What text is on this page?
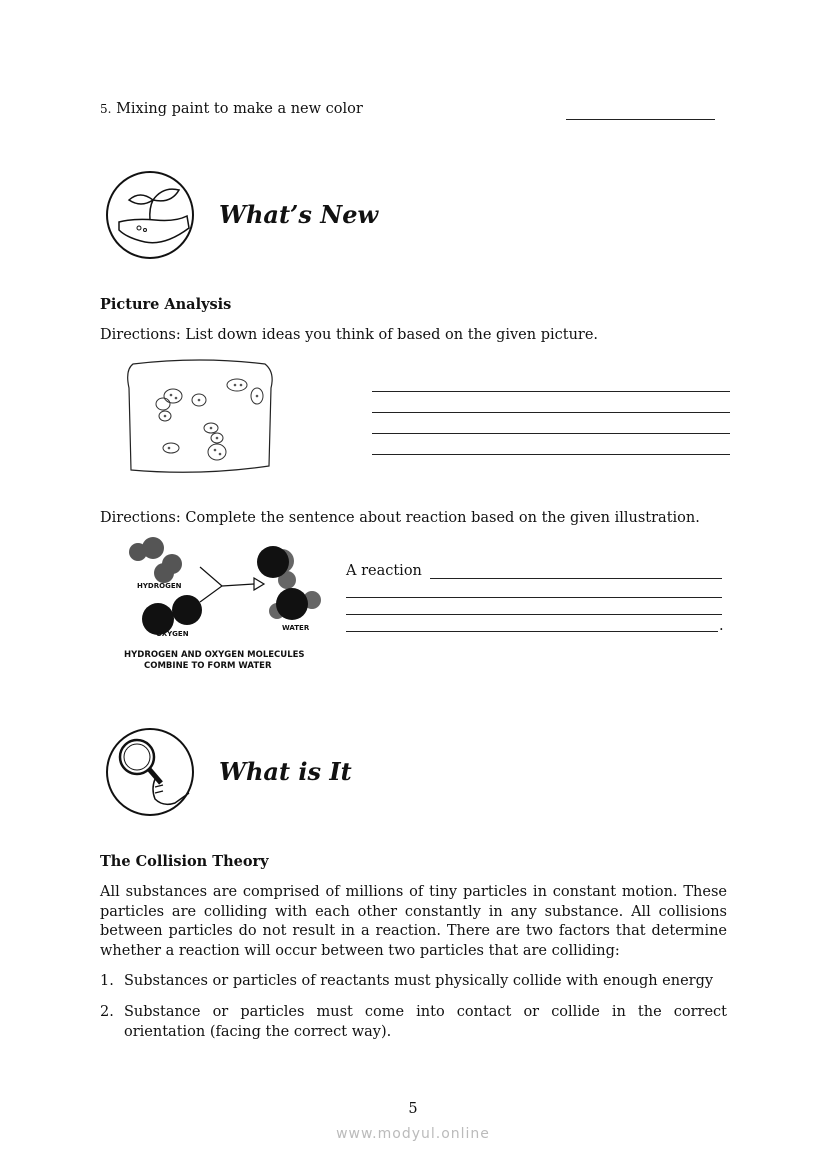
5. Mixing paint to make a new color
What’s New
Picture Analysis
Directions: List down ideas you think of based on the given picture.
Directions: Complete the sentence about reaction based on the given illustration.
HYDROGEN
OXYGEN
WATER
HYDROGEN AND OXYGEN MOLECULES
COMBINE TO FORM WATER
A reaction
.
What is It
The Collision Theory
All substances are comprised of millions of tiny particles in constant motion. These particles are colliding with each other constantly in any substance. All collisions between particles do not result in a reaction. There are two factors that determine whether a reaction will occur between two particles that are colliding:
1. Substances or particles of reactants must physically collide with enough energy
2. Substance or particles must come into contact or collide in the correct orientation (facing the correct way).
5
www.modyul.online
